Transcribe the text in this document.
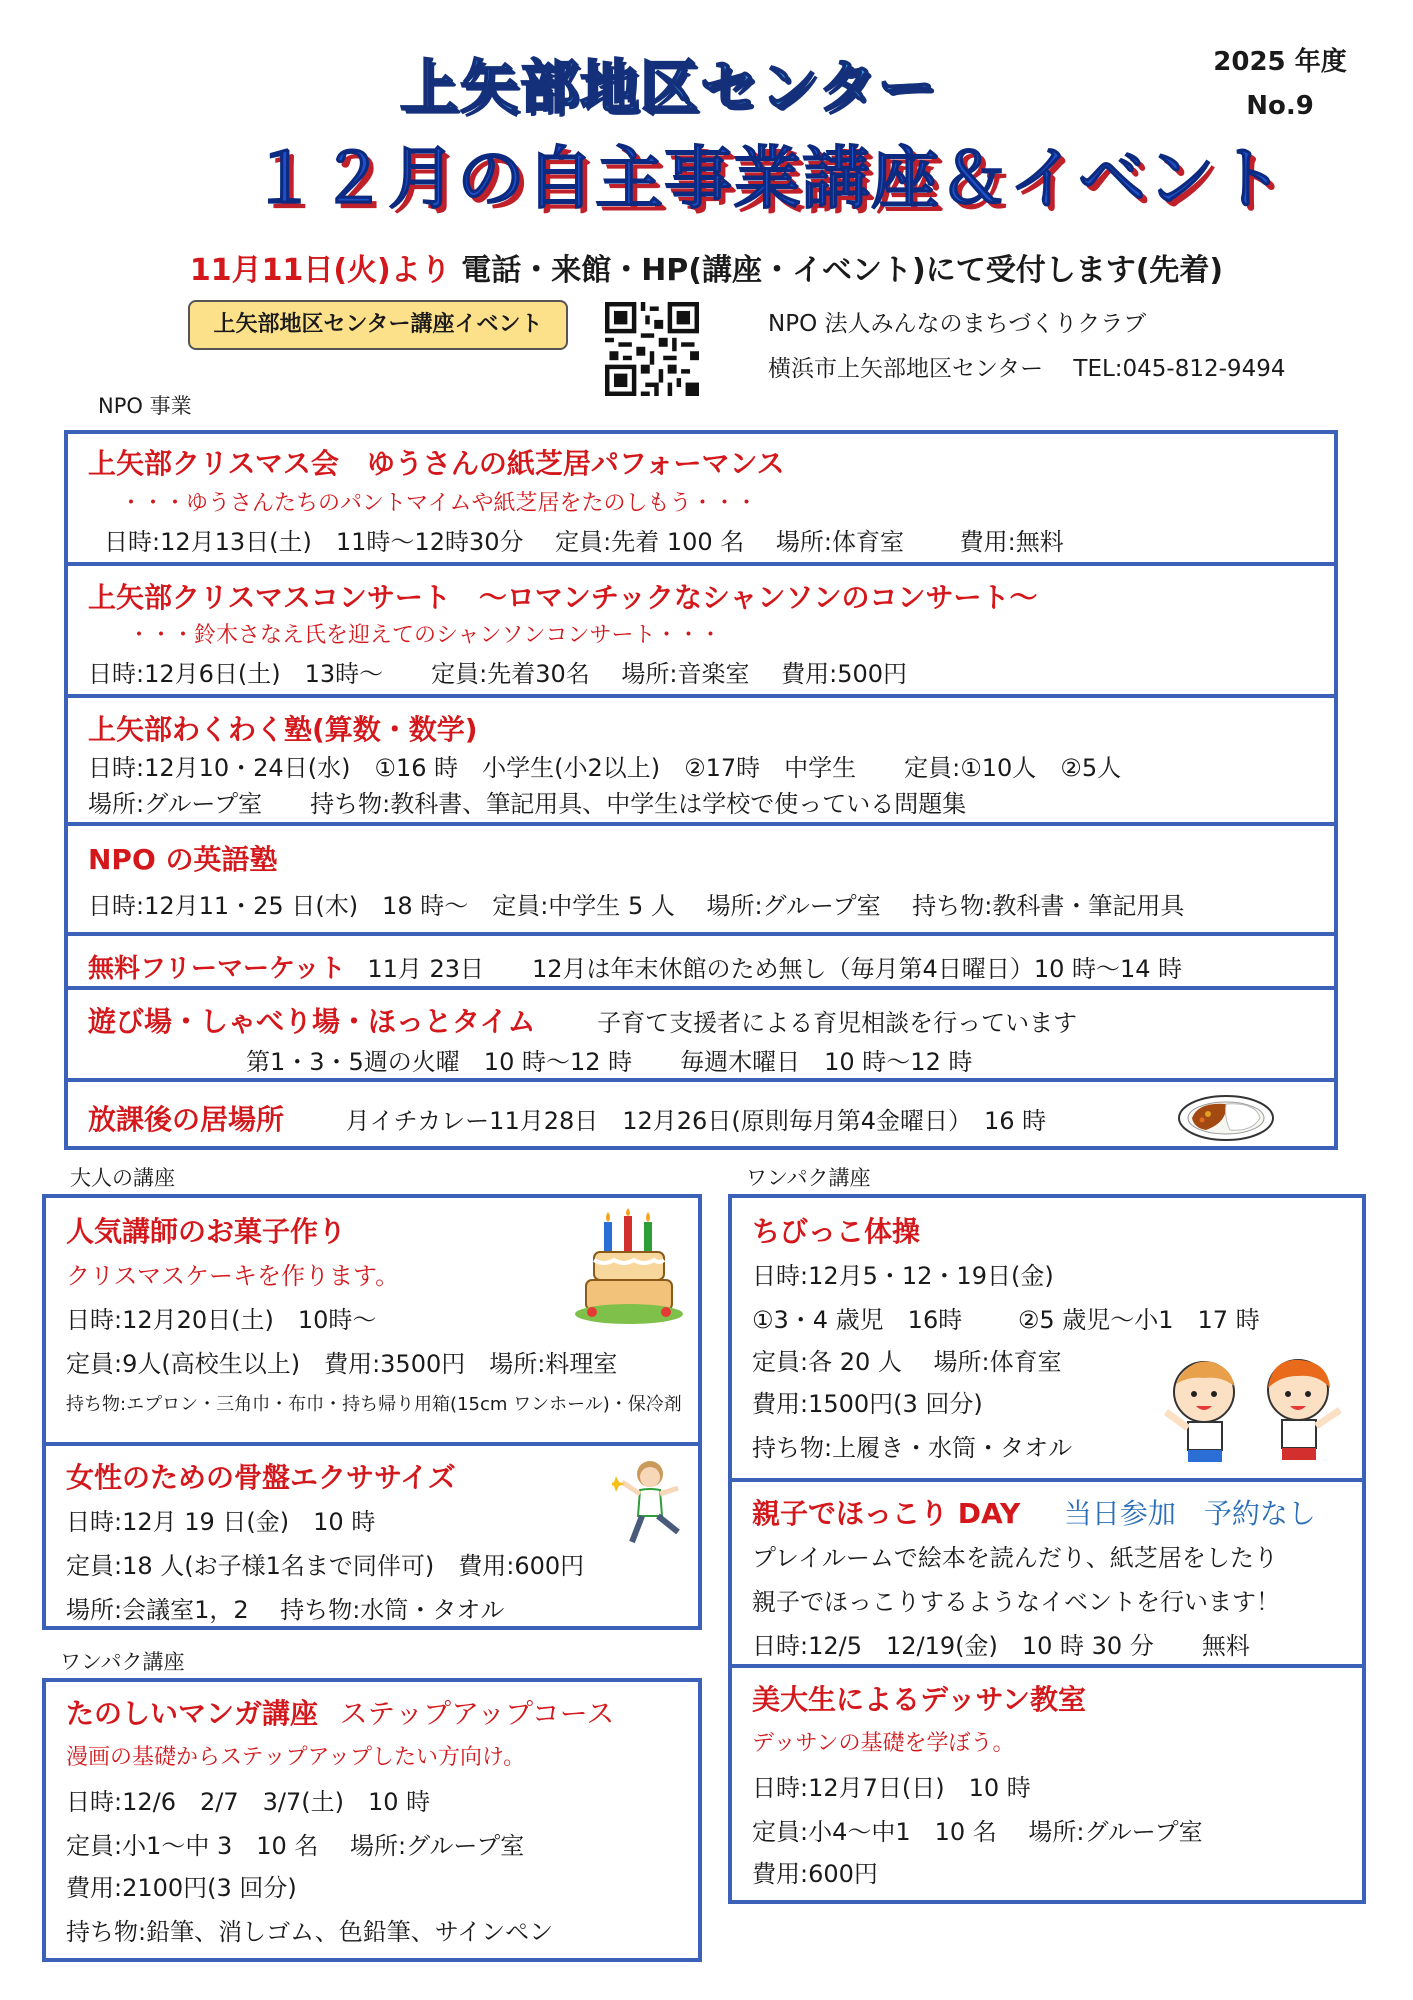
上矢部地区センター
１２月の自主事業講座＆イベント
2025 年度
No.9
11月11日(火)より 電話・来館・HP(講座・イベント)にて受付します(先着)
上矢部地区センター講座イベント	NPO 法人みんなのまちづくりクラブ
横浜市上矢部地区センター　 TEL:045-812-9494
NPO 事業
上矢部クリスマス会　ゆうさんの紙芝居パフォーマンス
・・・ゆうさんたちのパントマイムや紙芝居をたのしもう・・・
日時:12月13日(土)　11時～12時30分　 定員:先着 100 名　 場所:体育室　　 費用:無料
上矢部クリスマスコンサート　～ロマンチックなシャンソンのコンサート～
・・・鈴木さなえ氏を迎えてのシャンソンコンサート・・・
日時:12月6日(土)　13時～　　定員:先着30名　 場所:音楽室　 費用:500円
上矢部わくわく塾(算数・数学)
日時:12月10・24日(水)　①16 時　小学生(小2以上)　②17時　中学生　　定員:①10人　②5人
場所:グループ室　　持ち物:教科書、筆記用具、中学生は学校で使っている問題集
NPO の英語塾
日時:12月11・25 日(木)　18 時～　定員:中学生 5 人　 場所:グループ室　 持ち物:教科書・筆記用具
無料フリーマーケット 11月 23日　　12月は年末休館のため無し（毎月第4日曜日）10 時～14 時
遊び場・しゃべり場・ほっとタイム	子育て支援者による育児相談を行っています
第1・3・5週の火曜　10 時～12 時　　毎週木曜日　10 時～12 時
放課後の居場所	月イチカレー11月28日　12月26日(原則毎月第4金曜日）　16 時
大人の講座
人気講師のお菓子作り
クリスマスケーキを作ります。
日時:12月20日(土)　10時～
定員:9人(高校生以上)　費用:3500円　場所:料理室
持ち物:エプロン・三角巾・布巾・持ち帰り用箱(15cm ワンホール)・保冷剤
女性のための骨盤エクササイズ
日時:12月 19 日(金)　10 時
定員:18 人(お子様1名まで同伴可)　費用:600円
場所:会議室1，2　 持ち物:水筒・タオル
ワンパク講座
たのしいマンガ講座 ステップアップコース
漫画の基礎からステップアップしたい方向け。
日時:12/6　2/7　3/7(土)　10 時
定員:小1～中 3　10 名　 場所:グループ室
費用:2100円(3 回分)
持ち物:鉛筆、消しゴム、色鉛筆、サインペン
ワンパク講座
ちびっこ体操
日時:12月5・12・19日(金)
①3・4 歳児　16時　　 ②5 歳児～小1　17 時
定員:各 20 人　 場所:体育室
費用:1500円(3 回分)
持ち物:上履き・水筒・タオル
親子でほっこり DAY 当日参加　予約なし
プレイルームで絵本を読んだり、紙芝居をしたり
親子でほっこりするようなイベントを行います！
日時:12/5　12/19(金)　10 時 30 分　　無料
美大生によるデッサン教室
デッサンの基礎を学ぼう。
日時:12月7日(日)　10 時
定員:小4～中1　10 名　 場所:グループ室
費用:600円
